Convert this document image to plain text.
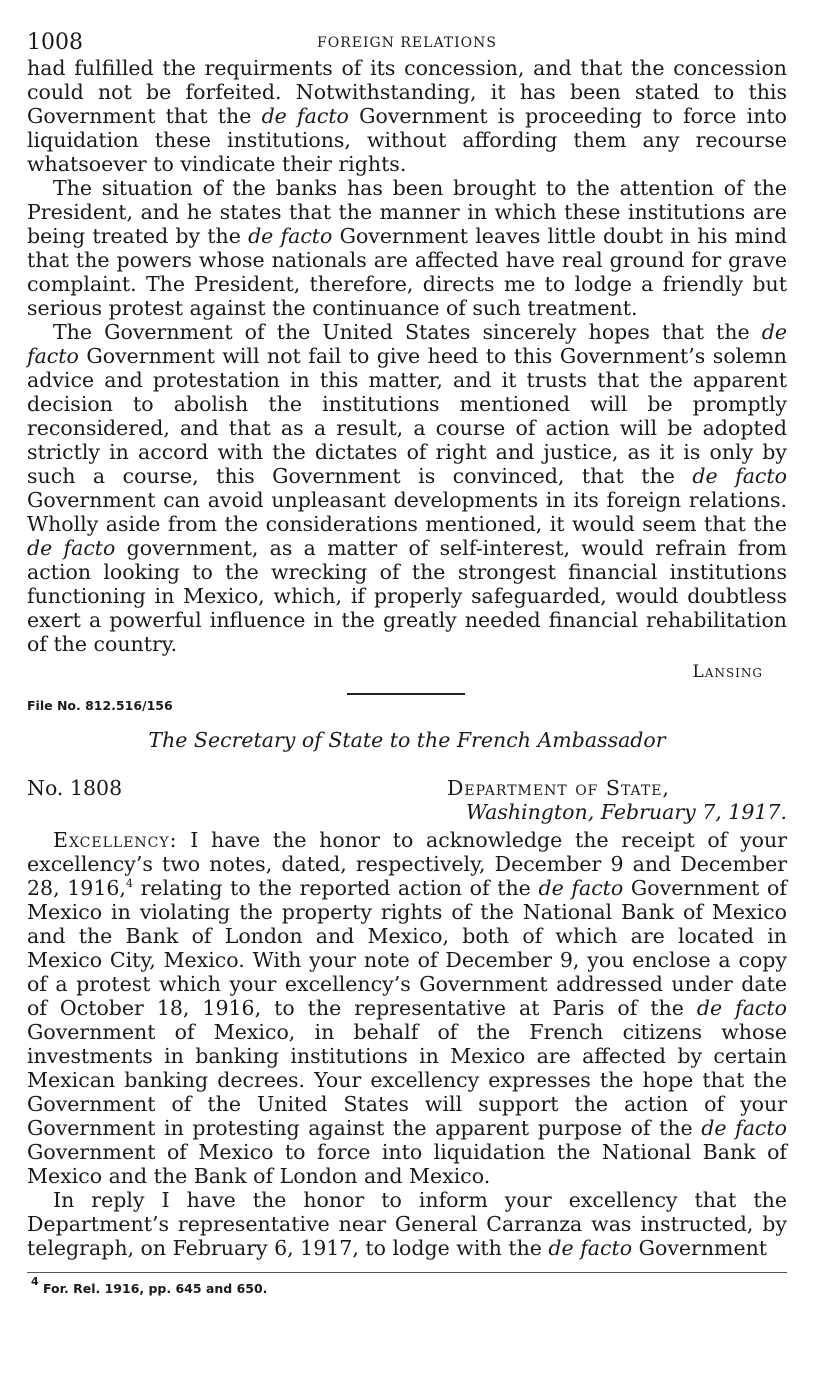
1008	FOREIGN RELATIONS

had fulfilled the requirments of its concession, and that the concession could not be forfeited. Notwithstanding, it has been stated to this Government that the de facto Government is proceeding to force into liquidation these institutions, without affording them any recourse whatsoever to vindicate their rights.

The situation of the banks has been brought to the attention of the President, and he states that the manner in which these institutions are being treated by the de facto Government leaves little doubt in his mind that the powers whose nationals are affected have real ground for grave complaint. The President, therefore, directs me to lodge a friendly but serious protest against the continuance of such treatment.

The Government of the United States sincerely hopes that the de facto Government will not fail to give heed to this Government’s solemn advice and protestation in this matter, and it trusts that the apparent decision to abolish the institutions mentioned will be promptly reconsidered, and that as a result, a course of action will be adopted strictly in accord with the dictates of right and justice, as it is only by such a course, this Government is convinced, that the de facto Government can avoid unpleasant developments in its foreign relations. Wholly aside from the considerations mentioned, it would seem that the de facto government, as a matter of self-interest, would refrain from action looking to the wrecking of the strongest financial institutions functioning in Mexico, which, if properly safeguarded, would doubtless exert a powerful influence in the greatly needed financial rehabilitation of the country.

Lansing
File No. 812.516/156
The Secretary of State to the French Ambassador
No. 1808	Department of State,
Washington, February 7, 1917.

Excellency: I have the honor to acknowledge the receipt of your excellency’s two notes, dated, respectively, December 9 and December 28, 1916,$^4$ relating to the reported action of the de facto Government of Mexico in violating the property rights of the National Bank of Mexico and the Bank of London and Mexico, both of which are located in Mexico City, Mexico. With your note of December 9, you enclose a copy of a protest which your excellency’s Government addressed under date of October 18, 1916, to the representative at Paris of the de facto Government of Mexico, in behalf of the French citizens whose investments in banking institutions in Mexico are affected by certain Mexican banking decrees. Your excellency expresses the hope that the Government of the United States will support the action of your Government in protesting against the apparent purpose of the de facto Government of Mexico to force into liquidation the National Bank of Mexico and the Bank of London and Mexico.

In reply I have the honor to inform your excellency that the Department’s representative near General Carranza was instructed, by telegraph, on February 6, 1917, to lodge with the de facto Government

$^4$ For. Rel. 1916, pp. 645 and 650.
